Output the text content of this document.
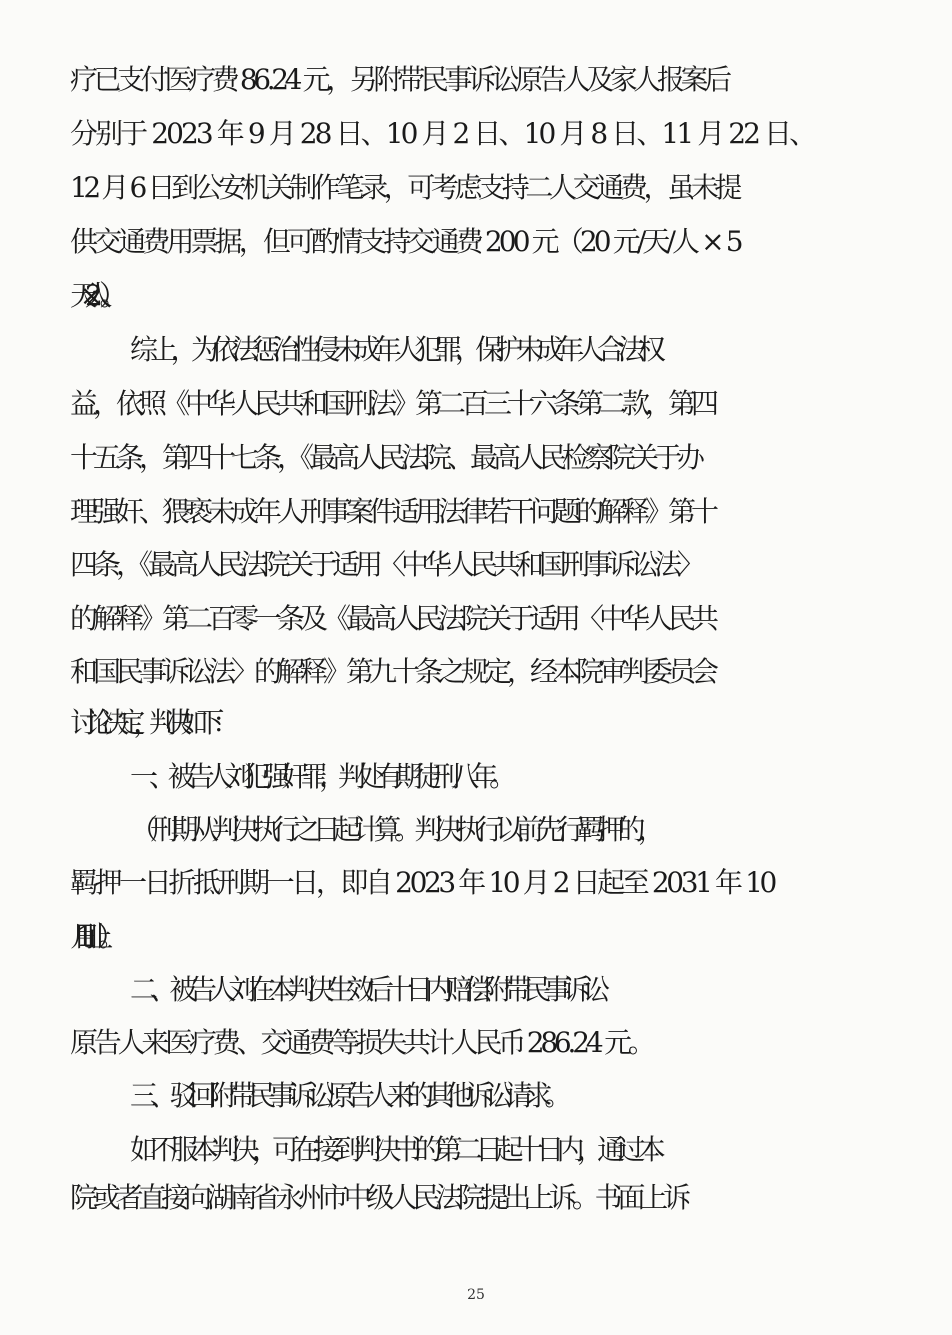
25
疗已支付医疗费 86.24 元，另附带民事诉讼原告人及家人报案后
分别于 2023 年 9 月 28 日、10 月 2 日、10 月 8 日、11 月 22 日、
12 月 6 日到公安机关制作笔录，可考虑支持二人交通费，虽未提
供交通费用票据，但可酌情支持交通费 200 元（20 元/天/人 × 5
天 × 2 人）。
综上，为依法惩治性侵未成年人犯罪，保护未成年人合法权
益，依照《中华人民共和国刑法》第二百三十六条第二款，第四
十五条，第四十七条，《最高人民法院、最高人民检察院关于办
理强奸、猥亵未成年人刑事案件适用法律若干问题的解释》第十
四条，《最高人民法院关于适用〈中华人民共和国刑事诉讼法〉
的解释》第二百零一条及《最高人民法院关于适用〈中华人民共
和国民事诉讼法〉的解释》第九十条之规定，经本院审判委员会
讨论决定，判决如下：
一、被告人刘犯强奸罪，判处有期徒刑八年。
（刑期从判决执行之日起计算。判决执行以前先行羁押的，
羁押一日折抵刑期一日，即自 2023 年 10 月 2 日起至 2031 年 10
月 1 日止。）
二、被告人刘在本判决生效后十日内赔偿附带民事诉讼
原告人来医疗费、交通费等损失共计人民币 286.24 元。
三、驳回附带民事诉讼原告人来的其他诉讼请求。
如不服本判决，可在接到判决书的第二日起十日内，通过本
院或者直接向湖南省永州市中级人民法院提出上诉。书面上诉
